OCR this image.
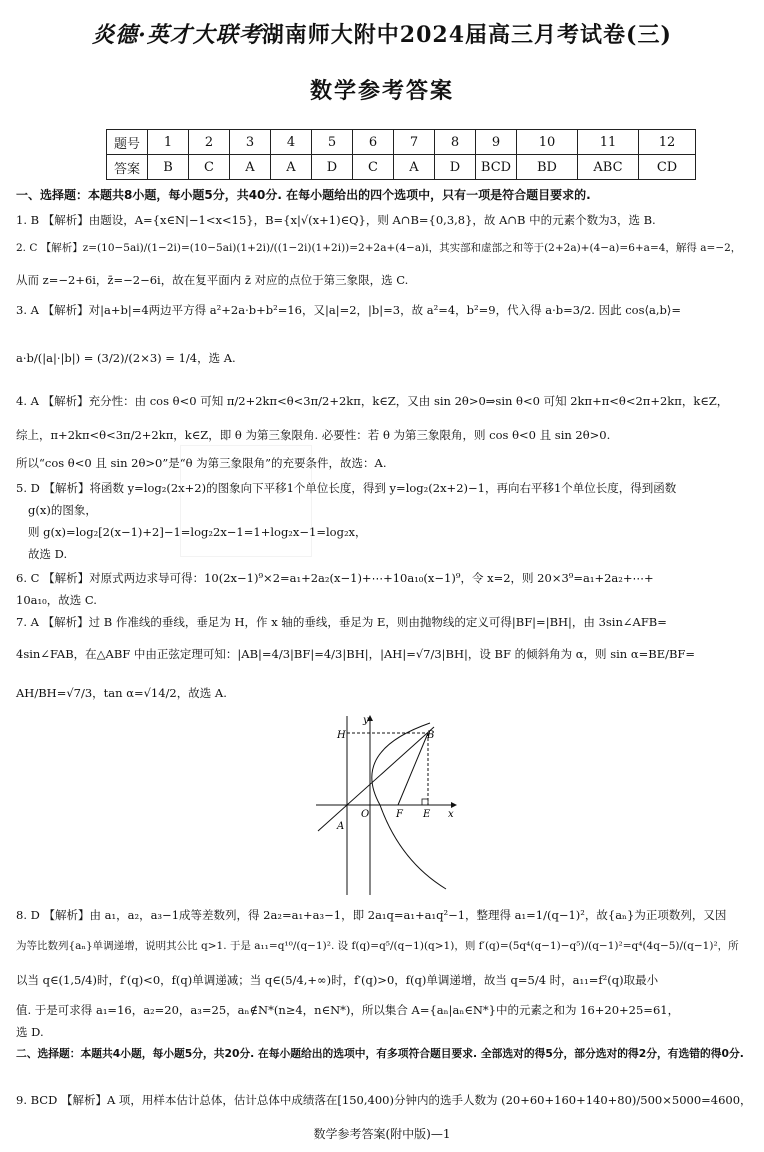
炎德·英才大联考湖南师大附中2024届高三月考试卷(三)
数学参考答案
题号	1	2	3	4	5	6	7	8	9	10	11	12
答案	B	C	A	A	D	C	A	D	BCD	BD	ABC	CD
一、选择题：本题共8小题，每小题5分，共40分. 在每小题给出的四个选项中，只有一项是符合题目要求的.
1. B 【解析】由题设，A={x∈N|−1<x<15}，B={x|√(x+1)∈Q}，则 A∩B={0,3,8}，故 A∩B 中的元素个数为3，选 B.
2. C 【解析】z=(10−5ai)/(1−2i)=(10−5ai)(1+2i)/((1−2i)(1+2i))=2+2a+(4−a)i，其实部和虚部之和等于(2+2a)+(4−a)=6+a=4，解得 a=−2，
从而 z=−2+6i，z̄=−2−6i，故在复平面内 z̄ 对应的点位于第三象限，选 C.
3. A 【解析】对|a+b|=4两边平方得 a²+2a·b+b²=16，又|a|=2，|b|=3，故 a²=4，b²=9，代入得 a·b=3/2. 因此 cos⟨a,b⟩=
a·b/(|a|·|b|) = (3/2)/(2×3) = 1/4，选 A.
4. A 【解析】充分性：由 cos θ<0 可知 π/2+2kπ<θ<3π/2+2kπ，k∈Z，又由 sin 2θ>0⇒sin θ<0 可知 2kπ+π<θ<2π+2kπ，k∈Z，
综上，π+2kπ<θ<3π/2+2kπ，k∈Z，即 θ 为第三象限角. 必要性：若 θ 为第三象限角，则 cos θ<0 且 sin 2θ>0.
所以“cos θ<0 且 sin 2θ>0”是“θ 为第三象限角”的充要条件，故选：A.
5. D 【解析】将函数 y=log₂(2x+2)的图象向下平移1个单位长度，得到 y=log₂(2x+2)−1，再向右平移1个单位长度，得到函数
g(x)的图象，
则 g(x)=log₂[2(x−1)+2]−1=log₂2x−1=1+log₂x−1=log₂x，
故选 D.
6. C 【解析】对原式两边求导可得：10(2x−1)⁹×2=a₁+2a₂(x−1)+⋯+10a₁₀(x−1)⁹，令 x=2，则 20×3⁹=a₁+2a₂+⋯+
10a₁₀，故选 C.
7. A 【解析】过 B 作准线的垂线，垂足为 H，作 x 轴的垂线，垂足为 E，则由抛物线的定义可得|BF|=|BH|，由 3sin∠AFB=
4sin∠FAB，在△ABF 中由正弦定理可知：|AB|=4/3|BF|=4/3|BH|，|AH|=√7/3|BH|，设 BF 的倾斜角为 α，则 sin α=BE/BF=
AH/BH=√7/3，tan α=√14/2，故选 A.
y
H	B
A
O	F E x
8. D 【解析】由 a₁，a₂，a₃−1成等差数列，得 2a₂=a₁+a₃−1，即 2a₁q=a₁+a₁q²−1，整理得 a₁=1/(q−1)²，故{aₙ}为正项数列，又因
为等比数列{aₙ}单调递增，说明其公比 q>1. 于是 a₁₁=q¹⁰/(q−1)². 设 f(q)=q⁵/(q−1)(q>1)，则 f′(q)=(5q⁴(q−1)−q⁵)/(q−1)²=q⁴(4q−5)/(q−1)²，所
以当 q∈(1,5/4)时，f′(q)<0，f(q)单调递减；当 q∈(5/4,+∞)时，f′(q)>0，f(q)单调递增，故当 q=5/4 时，a₁₁=f²(q)取最小
值. 于是可求得 a₁=16，a₂=20，a₃=25，aₙ∉N*(n≥4，n∈N*)，所以集合 A={aₙ|aₙ∈N*}中的元素之和为 16+20+25=61，
选 D.
二、选择题：本题共4小题，每小题5分，共20分. 在每小题给出的选项中，有多项符合题目要求. 全部选对的得5分，部分选对的得2分，有选错的得0分.
9. BCD 【解析】A 项，用样本估计总体，估计总体中成绩落在[150,400)分钟内的选手人数为 (20+60+160+140+80)/500×5000=4600，
数学参考答案(附中版)—1
